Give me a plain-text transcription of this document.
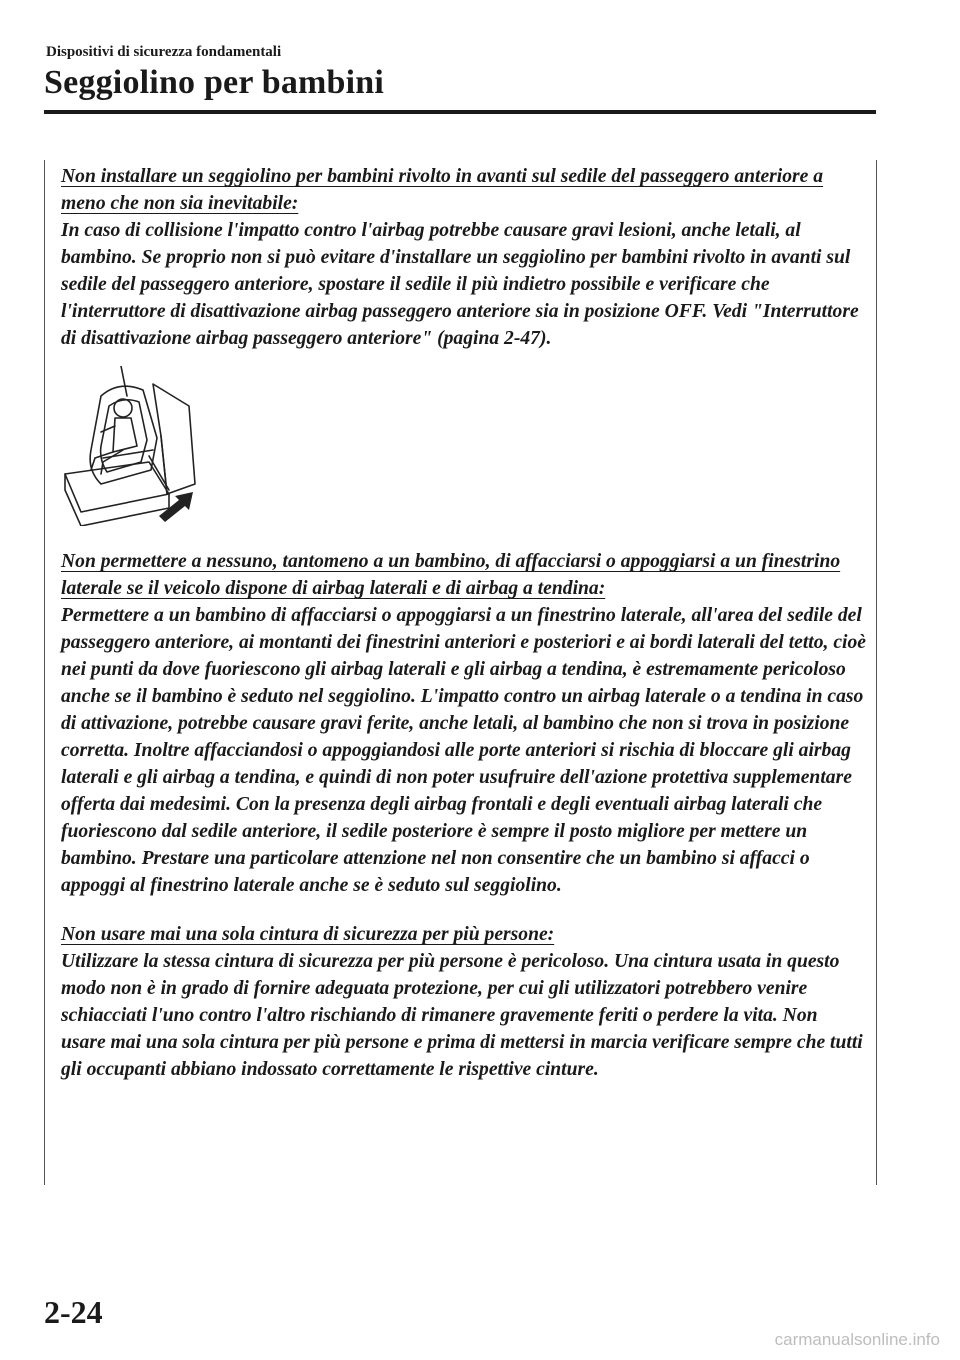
Dispositivi di sicurezza fondamentali
Seggiolino per bambini

Non installare un seggiolino per bambini rivolto in avanti sul sedile del passeggero anteriore a meno che non sia inevitabile:
In caso di collisione l'impatto contro l'airbag potrebbe causare gravi lesioni, anche letali, al bambino. Se proprio non si può evitare d'installare un seggiolino per bambini rivolto in avanti sul sedile del passeggero anteriore, spostare il sedile il più indietro possibile e verificare che l'interruttore di disattivazione airbag passeggero anteriore sia in posizione OFF. Vedi "Interruttore di disattivazione airbag passeggero anteriore" (pagina 2-47).

Non permettere a nessuno, tantomeno a un bambino, di affacciarsi o appoggiarsi a un finestrino laterale se il veicolo dispone di airbag laterali e di airbag a tendina:
Permettere a un bambino di affacciarsi o appoggiarsi a un finestrino laterale, all'area del sedile del passeggero anteriore, ai montanti dei finestrini anteriori e posteriori e ai bordi laterali del tetto, cioè nei punti da dove fuoriescono gli airbag laterali e gli airbag a tendina, è estremamente pericoloso anche se il bambino è seduto nel seggiolino. L'impatto contro un airbag laterale o a tendina in caso di attivazione, potrebbe causare gravi ferite, anche letali, al bambino che non si trova in posizione corretta. Inoltre affacciandosi o appoggiandosi alle porte anteriori si rischia di bloccare gli airbag laterali e gli airbag a tendina, e quindi di non poter usufruire dell'azione protettiva supplementare offerta dai medesimi. Con la presenza degli airbag frontali e degli eventuali airbag laterali che fuoriescono dal sedile anteriore, il sedile posteriore è sempre il posto migliore per mettere un bambino. Prestare una particolare attenzione nel non consentire che un bambino si affacci o appoggi al finestrino laterale anche se è seduto sul seggiolino.

Non usare mai una sola cintura di sicurezza per più persone:
Utilizzare la stessa cintura di sicurezza per più persone è pericoloso. Una cintura usata in questo modo non è in grado di fornire adeguata protezione, per cui gli utilizzatori potrebbero venire schiacciati l'uno contro l'altro rischiando di rimanere gravemente feriti o perdere la vita. Non usare mai una sola cintura per più persone e prima di mettersi in marcia verificare sempre che tutti gli occupanti abbiano indossato correttamente le rispettive cinture.

2-24
carmanualsonline.info
